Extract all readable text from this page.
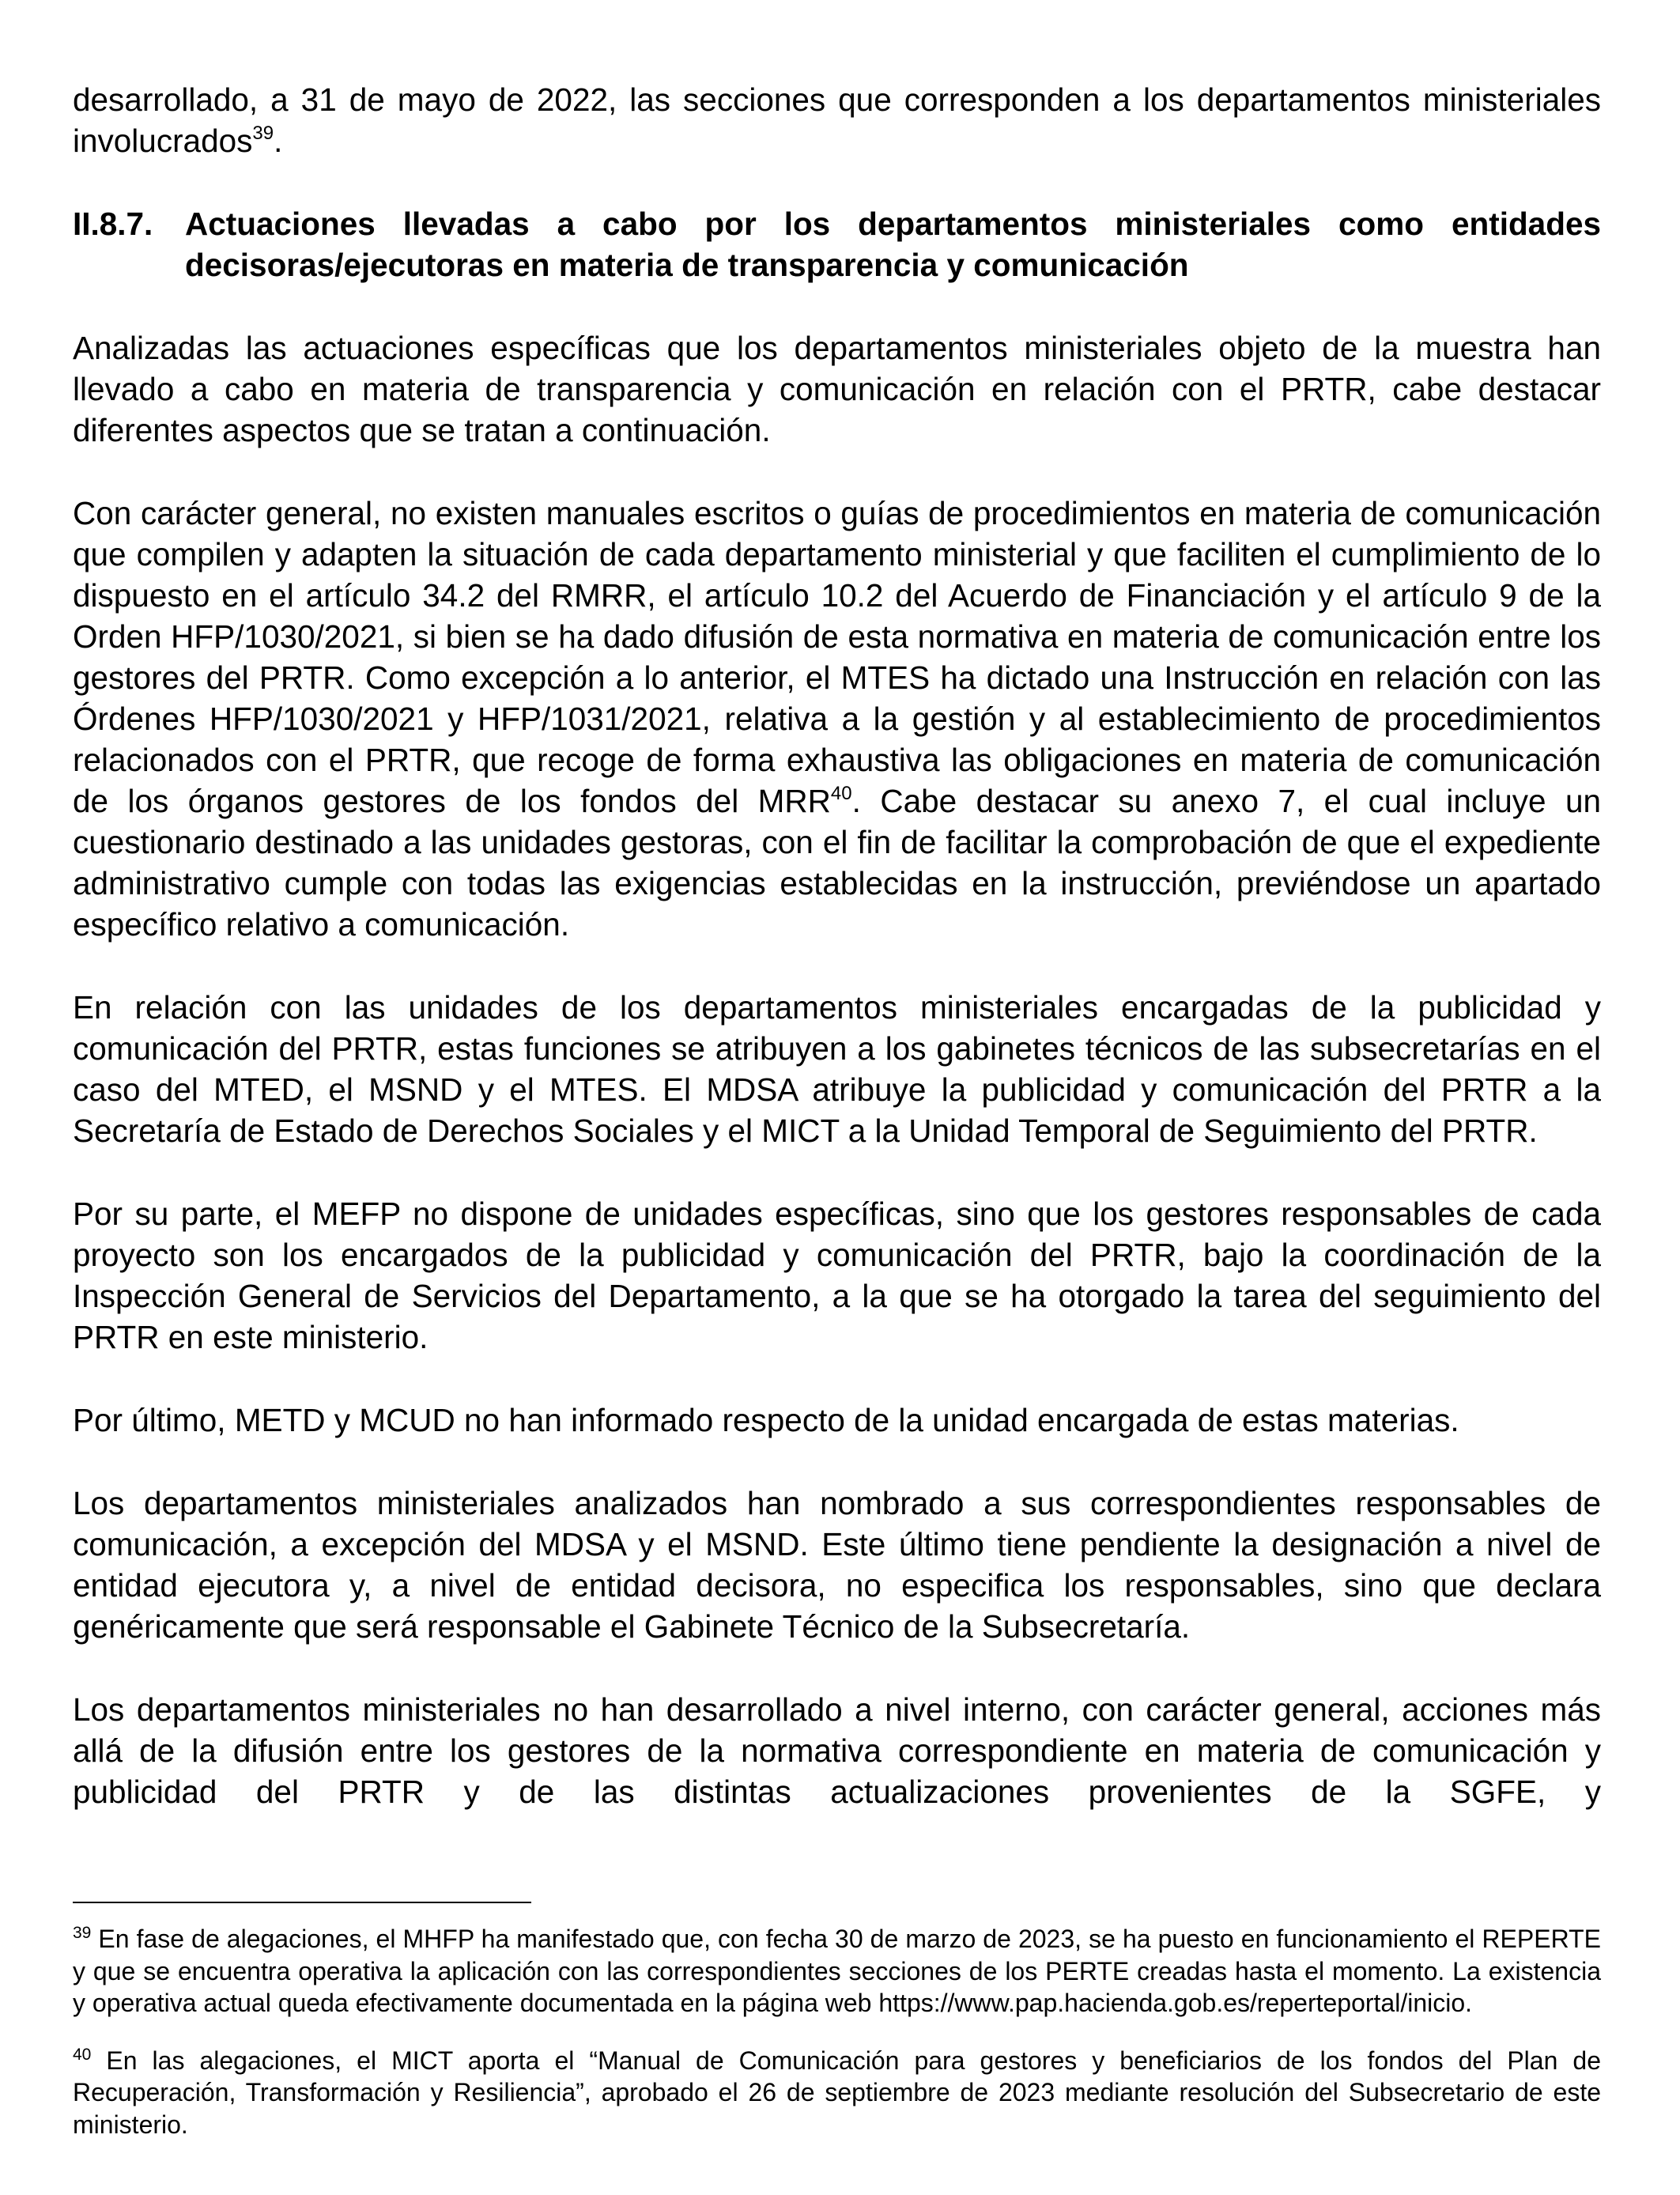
desarrollado, a 31 de mayo de 2022, las secciones que corresponden a los departamentos ministeriales involucrados$^{39}$.

II.8.7. Actuaciones llevadas a cabo por los departamentos ministeriales como entidades decisoras/ejecutoras en materia de transparencia y comunicación

Analizadas las actuaciones específicas que los departamentos ministeriales objeto de la muestra han llevado a cabo en materia de transparencia y comunicación en relación con el PRTR, cabe destacar diferentes aspectos que se tratan a continuación.

Con carácter general, no existen manuales escritos o guías de procedimientos en materia de comunicación que compilen y adapten la situación de cada departamento ministerial y que faciliten el cumplimiento de lo dispuesto en el artículo 34.2 del RMRR, el artículo 10.2 del Acuerdo de Financiación y el artículo 9 de la Orden HFP/1030/2021, si bien se ha dado difusión de esta normativa en materia de comunicación entre los gestores del PRTR. Como excepción a lo anterior, el MTES ha dictado una Instrucción en relación con las Órdenes HFP/1030/2021 y HFP/1031/2021, relativa a la gestión y al establecimiento de procedimientos relacionados con el PRTR, que recoge de forma exhaustiva las obligaciones en materia de comunicación de los órganos gestores de los fondos del MRR$^{40}$. Cabe destacar su anexo 7, el cual incluye un cuestionario destinado a las unidades gestoras, con el fin de facilitar la comprobación de que el expediente administrativo cumple con todas las exigencias establecidas en la instrucción, previéndose un apartado específico relativo a comunicación.

En relación con las unidades de los departamentos ministeriales encargadas de la publicidad y comunicación del PRTR, estas funciones se atribuyen a los gabinetes técnicos de las subsecretarías en el caso del MTED, el MSND y el MTES. El MDSA atribuye la publicidad y comunicación del PRTR a la Secretaría de Estado de Derechos Sociales y el MICT a la Unidad Temporal de Seguimiento del PRTR.

Por su parte, el MEFP no dispone de unidades específicas, sino que los gestores responsables de cada proyecto son los encargados de la publicidad y comunicación del PRTR, bajo la coordinación de la Inspección General de Servicios del Departamento, a la que se ha otorgado la tarea del seguimiento del PRTR en este ministerio.

Por último, METD y MCUD no han informado respecto de la unidad encargada de estas materias.

Los departamentos ministeriales analizados han nombrado a sus correspondientes responsables de comunicación, a excepción del MDSA y el MSND. Este último tiene pendiente la designación a nivel de entidad ejecutora y, a nivel de entidad decisora, no especifica los responsables, sino que declara genéricamente que será responsable el Gabinete Técnico de la Subsecretaría.

Los departamentos ministeriales no han desarrollado a nivel interno, con carácter general, acciones más allá de la difusión entre los gestores de la normativa correspondiente en materia de comunicación y publicidad del PRTR y de las distintas actualizaciones provenientes de la SGFE, y

$^{39}$ En fase de alegaciones, el MHFP ha manifestado que, con fecha 30 de marzo de 2023, se ha puesto en funcionamiento el REPERTE y que se encuentra operativa la aplicación con las correspondientes secciones de los PERTE creadas hasta el momento. La existencia y operativa actual queda efectivamente documentada en la página web https://www.pap.hacienda.gob.es/reperteportal/inicio.

$^{40}$ En las alegaciones, el MICT aporta el “Manual de Comunicación para gestores y beneficiarios de los fondos del Plan de Recuperación, Transformación y Resiliencia”, aprobado el 26 de septiembre de 2023 mediante resolución del Subsecretario de este ministerio.
